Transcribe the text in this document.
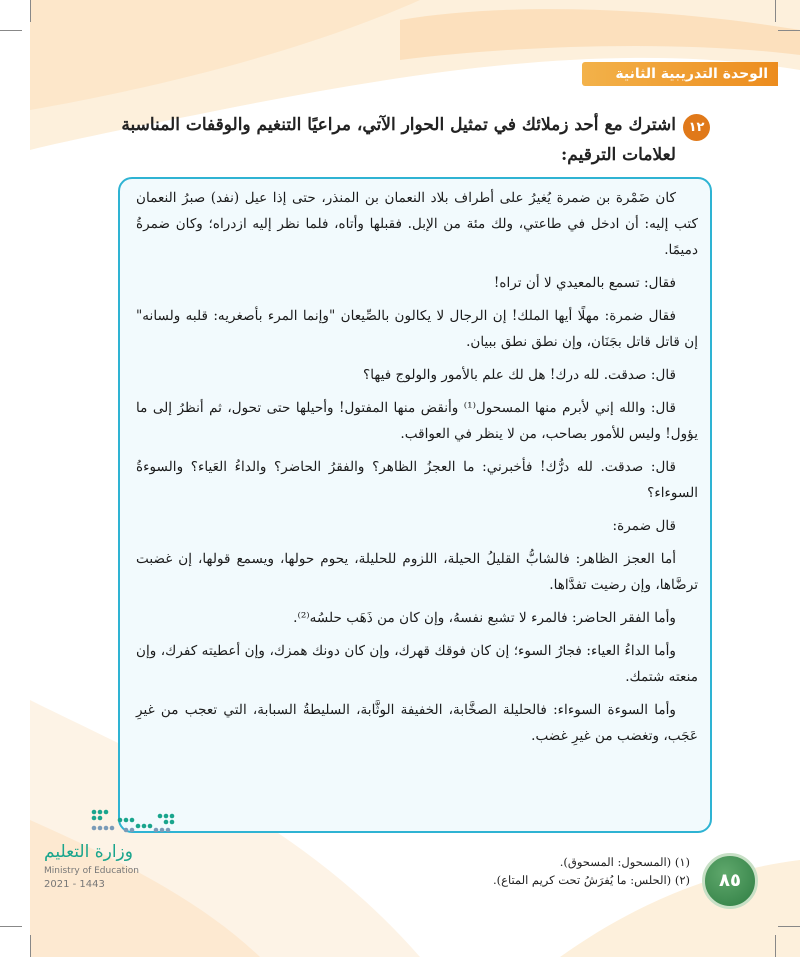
الوحدة التدريبية الثانية
١٢
اشترك مع أحد زملائك في تمثيل الحوار الآتي، مراعيًا التنغيم والوقفات المناسبة لعلامات الترقيم:

كان ضَمْرة بن ضمرة يُغيرُ على أطراف بلاد النعمان بن المنذر، حتى إذا عيل (نفد) صبرُ النعمان كتب إليه: أن ادخل في طاعتي، ولك مئة من الإبل. فقبلها وأتاه، فلما نظر إليه ازدراه؛ وكان ضمرةُ دميمًا.

فقال: تسمع بالمعيدي لا أن تراه!

فقال ضمرة: مهلًا أيها الملك! إن الرجال لا يكالون بالصِّيعان "وإنما المرء بأصغريه: قلبه ولسانه" إن قاتل قاتل بجَنَان، وإن نطق نطق ببيان.

قال: صدقت. لله درك! هل لك علم بالأمور والولوج فيها؟

قال: والله إني لأبرم منها المسحول⁽¹⁾ وأنقض منها المفتول! وأحيلها حتى تحول، ثم أنظرُ إلى ما يؤول! وليس للأمور بصاحب، من لا ينظر في العواقب.

قال: صدقت. لله درُّك! فأخبرني: ما العجزُ الظاهر؟ والفقرُ الحاضر؟ والداءُ العَياء؟ والسوءةُ السوءاء؟

قال ضمرة:

أما العجز الظاهر: فالشابُّ القليلُ الحيلة، اللزوم للحليلة، يحوم حولها، ويسمع قولها، إن غضبت ترضَّاها، وإن رضيت تفدَّاها.

وأما الفقر الحاضر: فالمرء لا تشبع نفسهُ، وإن كان من ذَهَب حلسُه⁽²⁾.

وأما الداءُ العياء: فجارُ السوء؛ إن كان فوقك قهرك، وإن كان دونك همزك، وإن أعطيته كفرك، وإن منعته شتمك.

وأما السوءة السوءاء: فالحليلة الصخَّابة، الخفيفة الوثَّابة، السليطةُ السبابة، التي تعجب من غيرِ عَجَب، وتغضب من غيرِ غضب.

وزارة التعليم
Ministry of Education
2021 - 1443	٨٥
(١) (المسحول: المسحوق).
(٢) (الحلس: ما يُفرَشُ تحت كريم المتاع).
